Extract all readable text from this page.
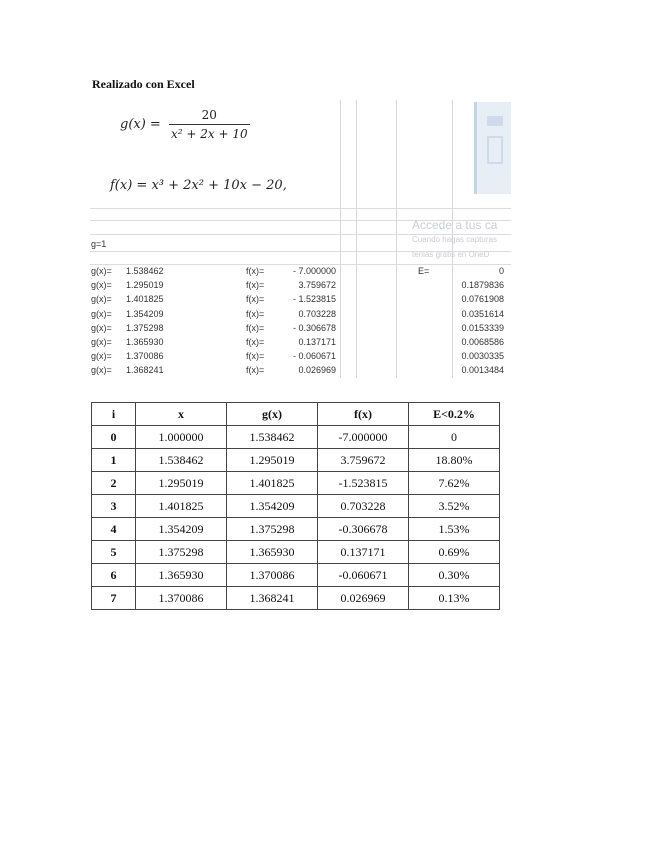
Realizado con Excel
$g(x) = \frac{20}{\text{x² + 2x + 10}}$
f(x) = x³ + 2x² + 10x − 20,
Accede a tus ca
Cuando hagas capturas
tenlas gratis en OneD
g=1
E=
g(x)= 1.538462	f(x)=	- 7.000000	0
g(x)= 1.295019	f(x)=	3.759672	0.1879836
g(x)= 1.401825	f(x)=	- 1.523815	0.0761908
g(x)= 1.354209	f(x)=	0.703228	0.0351614
g(x)= 1.375298	f(x)=	- 0.306678	0.0153339
g(x)= 1.365930	f(x)=	0.137171	0.0068586
g(x)= 1.370086	f(x)=	- 0.060671	0.0030335
g(x)= 1.368241	f(x)=	0.026969	0.0013484
i	x	g(x)	f(x)	E<0.2%
0	1.000000	1.538462	-7.000000	0
1	1.538462	1.295019	3.759672	18.80%
2	1.295019	1.401825	-1.523815	7.62%
3	1.401825	1.354209	0.703228	3.52%
4	1.354209	1.375298	-0.306678	1.53%
5	1.375298	1.365930	0.137171	0.69%
6	1.365930	1.370086	-0.060671	0.30%
7	1.370086	1.368241	0.026969	0.13%
